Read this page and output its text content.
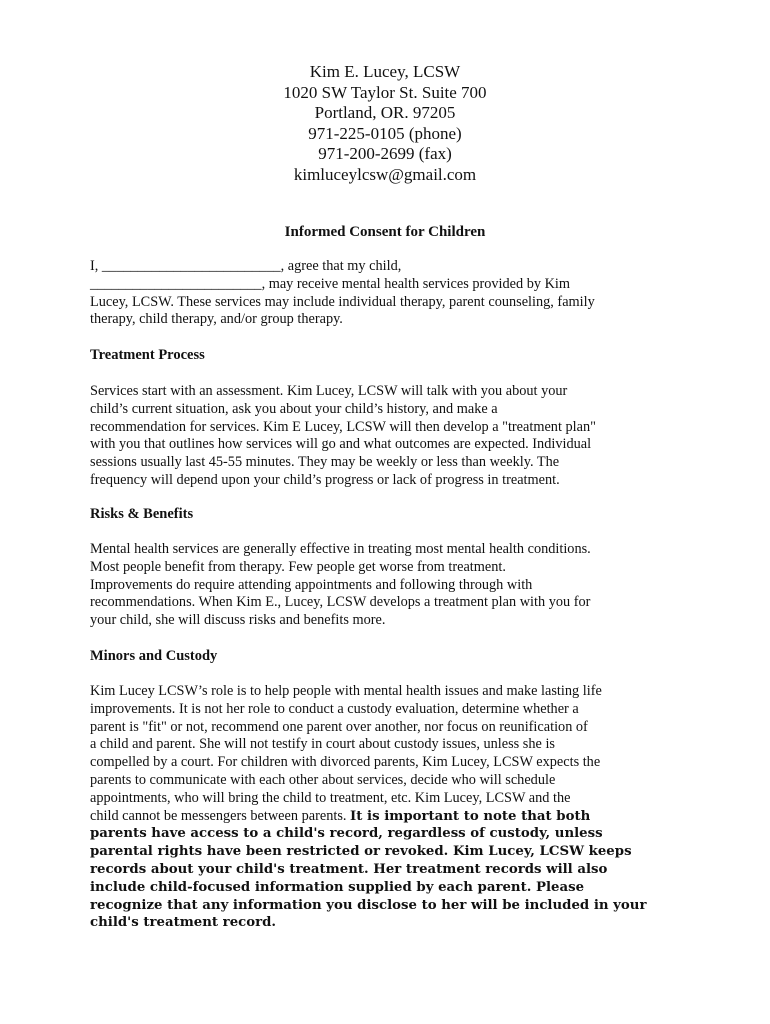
Kim E. Lucey, LCSW
1020 SW Taylor St. Suite 700
Portland, OR. 97205
971-225-0105 (phone)
971-200-2699 (fax)
kimluceylcsw@gmail.com
Informed Consent for Children
I, _________________________, agree that my child,
________________________, may receive mental health services provided by Kim
Lucey, LCSW. These services may include individual therapy, parent counseling, family
therapy, child therapy, and/or group therapy.
Treatment Process
Services start with an assessment. Kim Lucey, LCSW will talk with you about your
child’s current situation, ask you about your child’s history, and make a
recommendation for services. Kim E Lucey, LCSW will then develop a "treatment plan"
with you that outlines how services will go and what outcomes are expected. Individual
sessions usually last 45-55 minutes. They may be weekly or less than weekly. The
frequency will depend upon your child’s progress or lack of progress in treatment.
Risks & Benefits
Mental health services are generally effective in treating most mental health conditions.
Most people benefit from therapy. Few people get worse from treatment.
Improvements do require attending appointments and following through with
recommendations. When Kim E., Lucey, LCSW develops a treatment plan with you for
your child, she will discuss risks and benefits more.
Minors and Custody
Kim Lucey LCSW’s role is to help people with mental health issues and make lasting life
improvements. It is not her role to conduct a custody evaluation, determine whether a
parent is "fit" or not, recommend one parent over another, nor focus on reunification of
a child and parent. She will not testify in court about custody issues, unless she is
compelled by a court. For children with divorced parents, Kim Lucey, LCSW expects the
parents to communicate with each other about services, decide who will schedule
appointments, who will bring the child to treatment, etc. Kim Lucey, LCSW and the
child cannot be messengers between parents. It is important to note that both
parents have access to a child's record, regardless of custody, unless
parental rights have been restricted or revoked. Kim Lucey, LCSW keeps
records about your child's treatment. Her treatment records will also
include child-focused information supplied by each parent. Please
recognize that any information you disclose to her will be included in your
child's treatment record.
